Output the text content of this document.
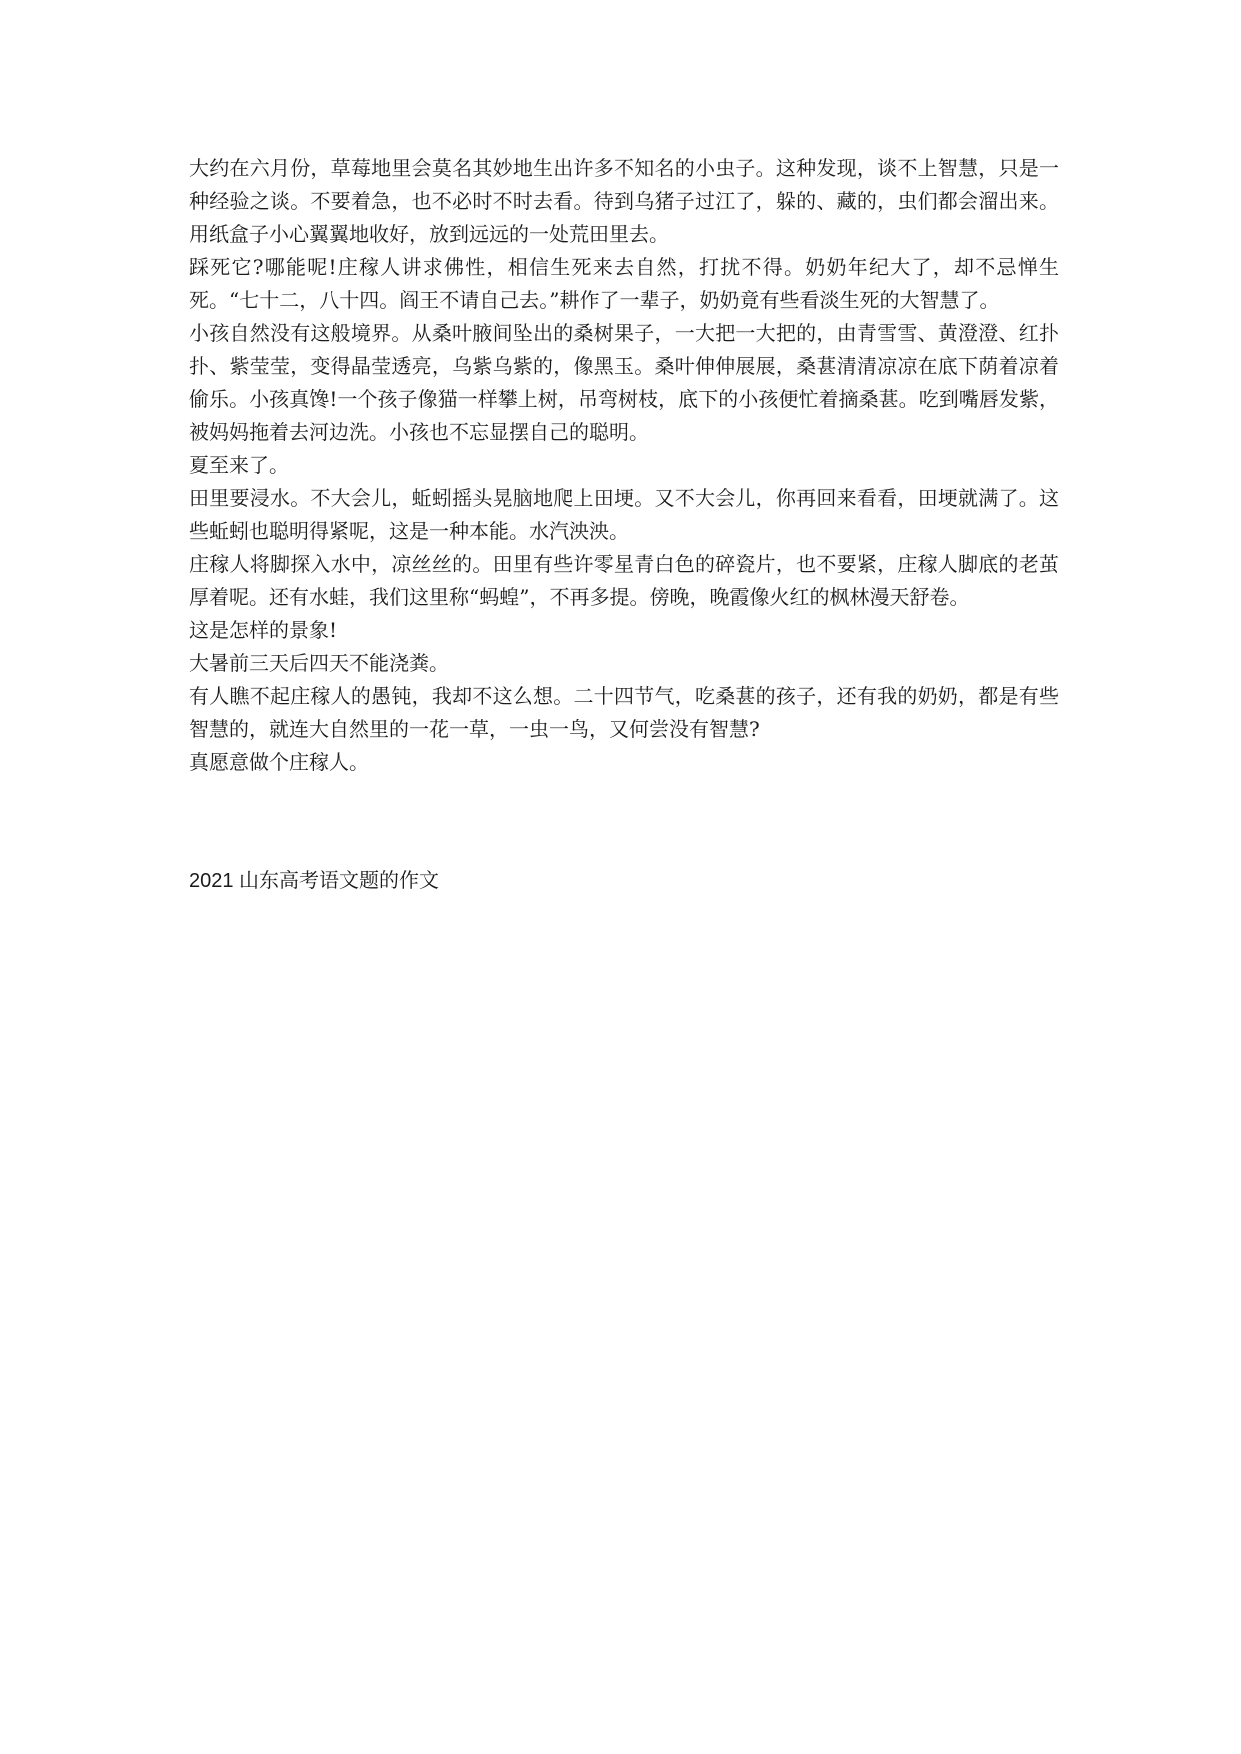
大约在六月份，草莓地里会莫名其妙地生出许多不知名的小虫子。这种发现，谈不上智慧，只是一种经验之谈。不要着急，也不必时不时去看。待到乌猪子过江了，躲的、藏的，虫们都会溜出来。用纸盒子小心翼翼地收好，放到远远的一处荒田里去。

踩死它?哪能呢!庄稼人讲求佛性，相信生死来去自然，打扰不得。奶奶年纪大了，却不忌惮生死。“七十二，八十四。阎王不请自己去。”耕作了一辈子，奶奶竟有些看淡生死的大智慧了。

小孩自然没有这般境界。从桑叶腋间坠出的桑树果子，一大把一大把的，由青雪雪、黄澄澄、红扑扑、紫莹莹，变得晶莹透亮，乌紫乌紫的，像黑玉。桑叶伸伸展展，桑葚清清凉凉在底下荫着凉着偷乐。小孩真馋!一个孩子像猫一样攀上树，吊弯树枝，底下的小孩便忙着摘桑葚。吃到嘴唇发紫，被妈妈拖着去河边洗。小孩也不忘显摆自己的聪明。

夏至来了。

田里要浸水。不大会儿，蚯蚓摇头晃脑地爬上田埂。又不大会儿，你再回来看看，田埂就满了。这些蚯蚓也聪明得紧呢，这是一种本能。水汽泱泱。

庄稼人将脚探入水中，凉丝丝的。田里有些许零星青白色的碎瓷片，也不要紧，庄稼人脚底的老茧厚着呢。还有水蛙，我们这里称“蚂蝗”，不再多提。傍晚，晚霞像火红的枫林漫天舒卷。

这是怎样的景象!

大暑前三天后四天不能浇粪。

有人瞧不起庄稼人的愚钝，我却不这么想。二十四节气，吃桑葚的孩子，还有我的奶奶，都是有些智慧的，就连大自然里的一花一草，一虫一鸟，又何尝没有智慧?

真愿意做个庄稼人。

2021 山东高考语文题的作文
